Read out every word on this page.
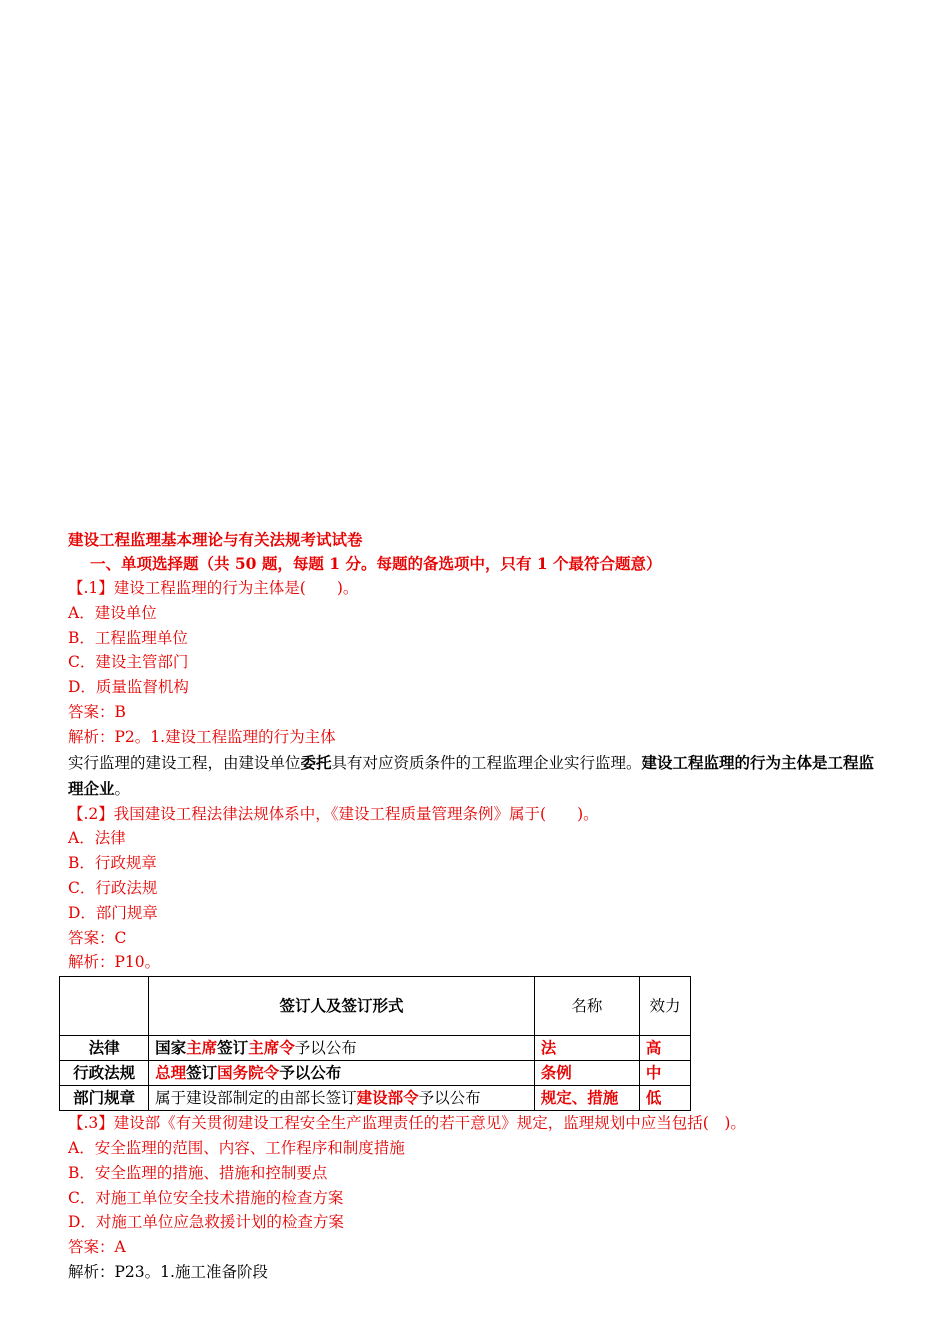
建设工程监理基本理论与有关法规考试试卷
一、单项选择题（共 50 题，每题 1 分。每题的备选项中，只有 1 个最符合题意）
【.1】建设工程监理的行为主体是(　　)。
A．建设单位
B．工程监理单位
C．建设主管部门
D．质量监督机构
答案：B
解析：P2。1.建设工程监理的行为主体
实行监理的建设工程，由建设单位委托具有对应资质条件的工程监理企业实行监理。建设工程监理的行为主体是工程监理企业。
【.2】我国建设工程法律法规体系中，《建设工程质量管理条例》属于(　　)。
A．法律
B．行政规章
C．行政法规
D．部门规章
答案：C
解析：P10。
	签订人及签订形式	名称	效力
法律	国家主席签订主席令予以公布	法	高
行政法规	总理签订国务院令予以公布	条例	中
部门规章	属于建设部制定的由部长签订建设部令予以公布	规定、措施	低
【.3】建设部《有关贯彻建设工程安全生产监理责任的若干意见》规定，监理规划中应当包括(　)。
A．安全监理的范围、内容、工作程序和制度措施
B．安全监理的措施、措施和控制要点
C．对施工单位安全技术措施的检查方案
D．对施工单位应急救援计划的检查方案
答案：A
解析：P23。1.施工准备阶段
